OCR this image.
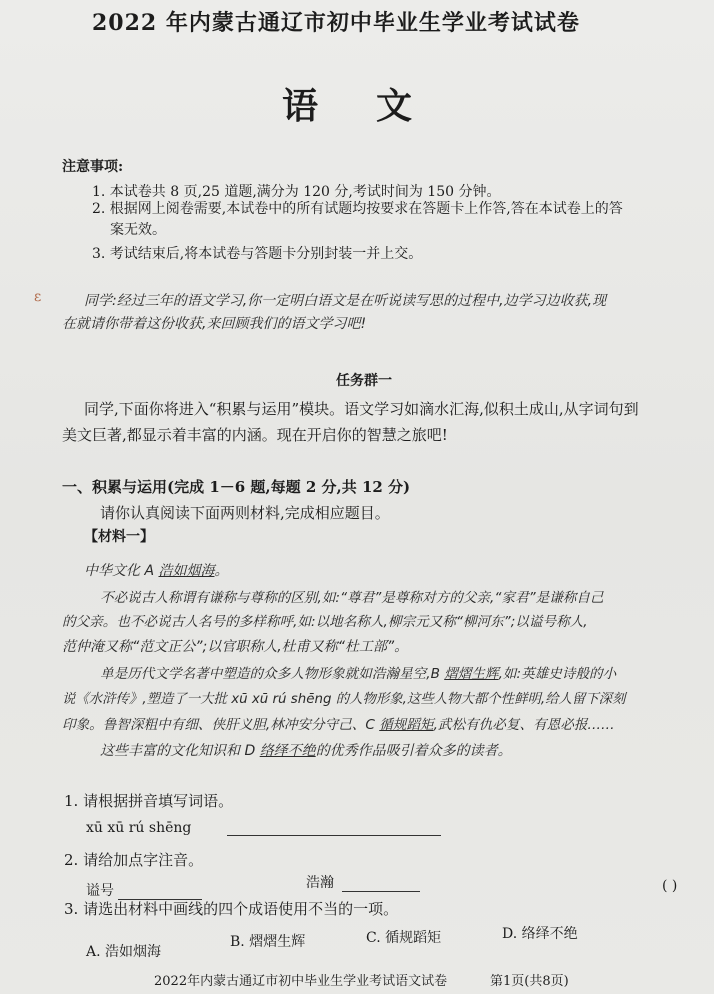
2022 年内蒙古通辽市初中毕业生学业考试试卷
语文
注意事项:
1. 本试卷共 8 页,25 道题,满分为 120 分,考试时间为 150 分钟。
2. 根据网上阅卷需要,本试卷中的所有试题均按要求在答题卡上作答,答在本试卷上的答
案无效。
3. 考试结束后,将本试卷与答题卡分别封装一并上交。
ε	同学:经过三年的语文学习,你一定明白语文是在听说读写思的过程中,边学习边收获,现
在就请你带着这份收获,来回顾我们的语文学习吧!
任务群一
同学,下面你将进入“积累与运用”模块。语文学习如滴水汇海,似积土成山,从字词句到
美文巨著,都显示着丰富的内涵。现在开启你的智慧之旅吧!
一、积累与运用(完成 1－6 题,每题 2 分,共 12 分)
请你认真阅读下面两则材料,完成相应题目。
【材料一】
中华文化 A 浩如烟海。
不必说古人称谓有谦称与尊称的区别,如:“尊君”是尊称对方的父亲,“家君”是谦称自己
的父亲。也不必说古人名号的多样称呼,如:以地名称人,柳宗元又称“柳河东”;以谥号称人,
范仲淹又称“范文正公”;以官职称人,杜甫又称“杜工部”。
单是历代文学名著中塑造的众多人物形象就如浩瀚星空,B 熠熠生辉,如:英雄史诗般的小
说《水浒传》,塑造了一大批 xū xū rú shēng 的人物形象,这些人物大都个性鲜明,给人留下深刻
印象。鲁智深粗中有细、侠肝义胆,林冲安分守己、C 循规蹈矩,武松有仇必复、有恩必报……
这些丰富的文化知识和 D 络绎不绝的优秀作品吸引着众多的读者。
1. 请根据拼音填写词语。
xū xū rú shēng
2. 请给加点字注音。
谥号	浩瀚	( )
3. 请选出材料中画线的四个成语使用不当的一项。
A. 浩如烟海
B. 熠熠生辉	C. 循规蹈矩	D. 络绎不绝
2022年内蒙古通辽市初中毕业生学业考试语文试卷	第1页(共8页)
